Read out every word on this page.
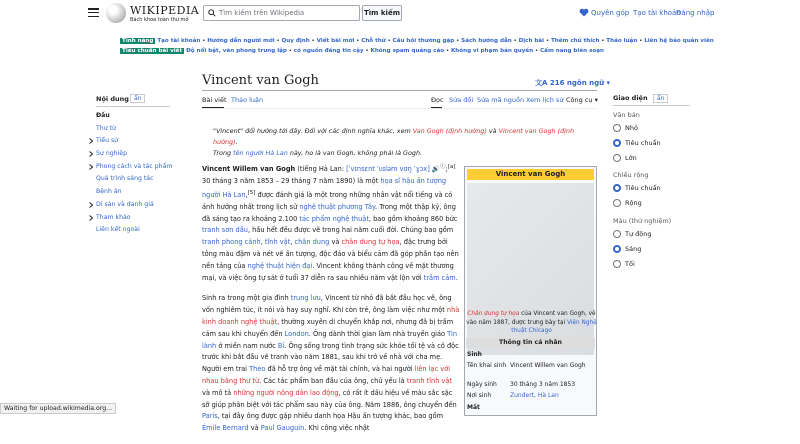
WIKIPEDIA
Bách khoa toàn thư mở
Tìm kiếm trên Wikipedia
Tìm kiếm	Quyên góp Tạo tài khoản
Đăng nhập
Tính năng Tạo tài khoản • Hướng dẫn người mới • Quy định • Viết bài mới • Chỗ thử • Câu hỏi thường gặp • Sách hướng dẫn • Dịch bài • Thêm chú thích • Thảo luận • Liên hệ bảo quản viên
Tiêu chuẩn bài viết Độ nổi bật, văn phong trung lập • có nguồn đáng tin cậy • Không spam quảng cáo • Không vi phạm bản quyền • Cẩm nang biên soạn
Vincent van Gogh	文A 216 ngôn ngữ ▾
Bài viết Thảo luận	Đọc Sửa đổi Sửa mã nguồn Xem lịch sử Công cụ ▾
Nội dung ẩn
Đầu
Thư từ
Tiểu sử
Sự nghiệp
Phong cách và tác phẩm
Quá trình sáng tác
Bệnh án
Di sản và danh giá
Tham khảo
Liên kết ngoài
Giao diện	ẩn
Văn bản
Nhỏ
Tiêu chuẩn
Lớn
Chiều rộng
Tiêu chuẩn
Rộng
Màu (thử nghiệm)
Tự động
Sáng
Tối
"Vincent" đổi hướng tới đây. Đối với các định nghĩa khác, xem Van Gogh (định hướng) và Vincent van Gogh (định hướng).
Trong tên người Hà Lan này, ho là van Gogh, không phải là Gogh.

Vincent Willem van Gogh (tiếng Hà Lan: [ˈvɪnsɛnt ˈʋɪləm vɑŋ ˈɣɔx] 🔊ⓘ;[a] 30 tháng 3 năm 1853 – 29 tháng 7 năm 1890) là một họa sĩ hậu ấn tượng người Hà Lan,[5] được đánh giá là một trong những nhân vật nổi tiếng và có ảnh hưởng nhất trong lịch sử nghệ thuật phương Tây. Trong một thập kỷ, ông đã sáng tạo ra khoảng 2.100 tác phẩm nghệ thuật, bao gồm khoảng 860 bức tranh sơn dầu, hầu hết đều được vẽ trong hai năm cuối đời. Chúng bao gồm tranh phong cảnh, tĩnh vật, chân dung và chân dung tự họa, đặc trưng bởi tông màu đậm và nét vẽ ấn tượng, độc đáo và biểu cảm đã góp phần tạo nên nền tảng của nghệ thuật hiện đại. Vincent không thành công về mặt thương mại, và việc ông tự sát ở tuổi 37 diễn ra sau nhiều năm vật lộn với trầm cảm.

Sinh ra trong một gia đình trung lưu, Vincent từ nhỏ đã bắt đầu học vẽ, ông vốn nghiêm túc, ít nói và hay suy nghĩ. Khi còn trẻ, ông làm việc như một nhà kinh doanh nghệ thuật, thường xuyên di chuyển khắp nơi, nhưng đã bị trầm cảm sau khi chuyển đến London. Ông dành thời gian làm nhà truyền giáo Tin lành ở miền nam nước Bỉ. Ông sống trong tình trạng sức khỏe tồi tệ và cô độc trước khi bắt đầu vẽ tranh vào năm 1881, sau khi trở về nhà với cha mẹ. Người em trai Theo đã hỗ trợ ông về mặt tài chính, và hai người liên lạc với nhau bằng thư từ. Các tác phẩm ban đầu của ông, chủ yếu là tranh tĩnh vật và mô tả những người nông dân lao động, có rất ít dấu hiệu về màu sắc sặc sỡ giúp phân biệt với tác phẩm sau này của ông. Năm 1886, ông chuyển đến Paris, tại đây ông được gặp nhiều danh họa Hậu ấn tượng khác, bao gồm Émile Bernard và Paul Gauguin. Khi công việc nhật

Vincent van Gogh
Chân dung tự họa của Vincent van Gogh, vẽ vào năm 1887, được trưng bày tại Viện Nghệ thuật Chicago
Thông tin cá nhân
Sinh
Tên khai sinh Vincent Willem van Gogh
Ngày sinh	30 tháng 3 năm 1853
Nơi sinh	Zundert, Hà Lan
Mất
Waiting for upload.wikimedia.org...
